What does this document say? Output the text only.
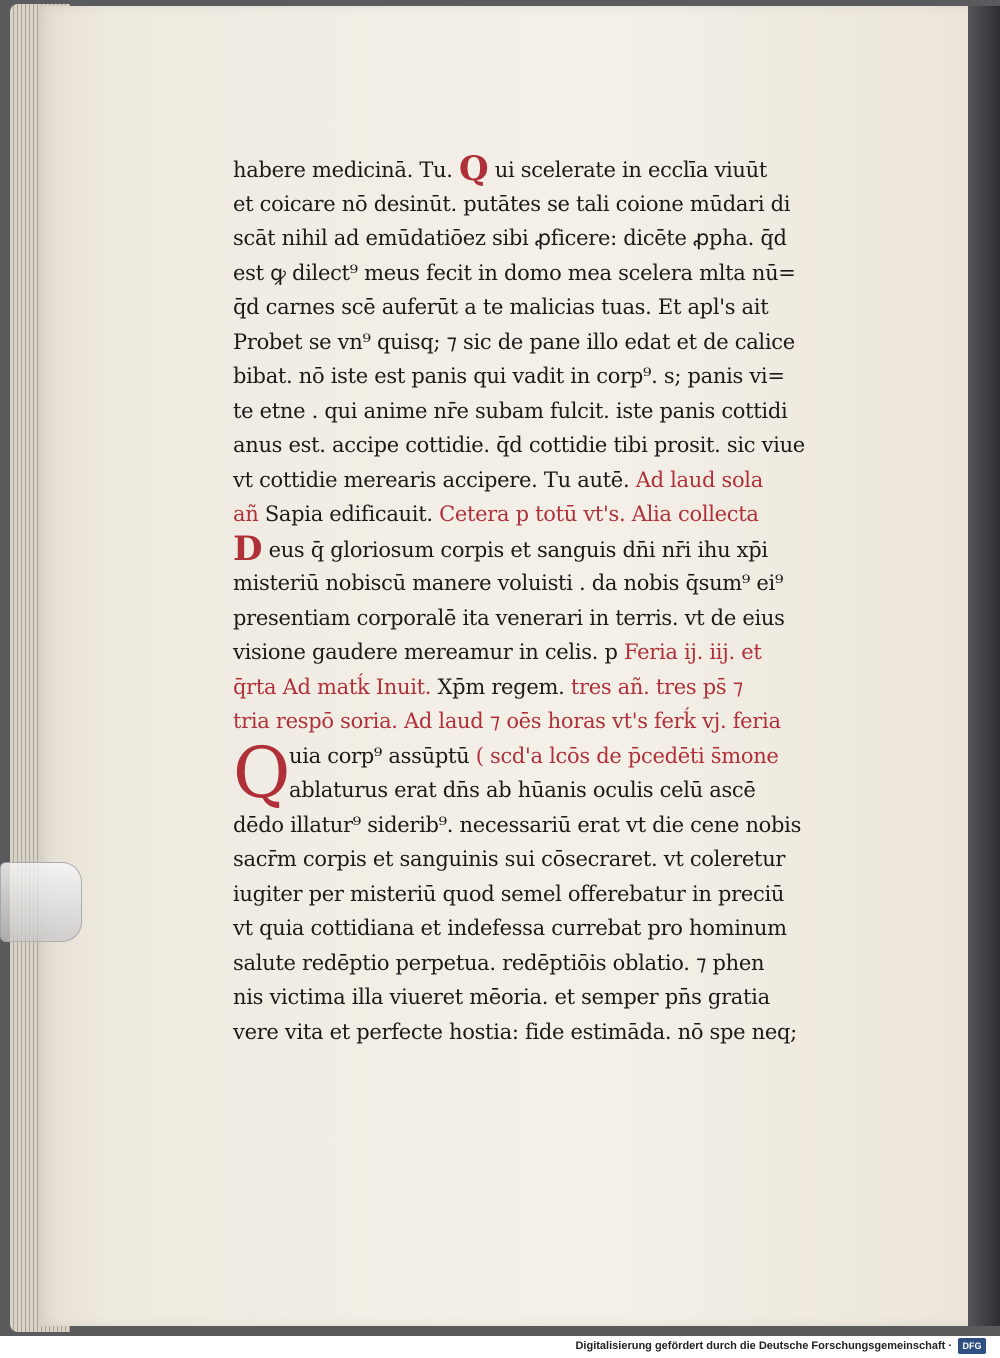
habere medicinā. Tu. Q ui scelerate in ecclīa viuūt
et coicare nō desinūt. putātes se tali coione mūdari di
scāt nihil ad emūdatiōez sibi ꝓficere: dicēte ꝓpha. q̄d
est ꝙ dilect⁹ meus fecit in domo mea scelera mlta nū=
q̄d carnes scē auferūt a te malicias tuas. Et apl's ait
Probet se vn⁹ quisq; ⁊ sic de pane illo edat et de calice
bibat. nō iste est panis qui vadit in corp⁹. s; panis vi=
te etne . qui anime nr̄e subam fulcit. iste panis cottidi
anus est. accipe cottidie. q̄d cottidie tibi prosit. sic viue
vt cottidie merearis accipere. Tu autē. Ad laud sola
añ Sapia edificauit. Cetera p totū vt's. Alia collecta
D eus q̄ gloriosum corpis et sanguis dn̄i nr̄i ihu xp̄i
misteriū nobiscū manere voluisti . da nobis q̄sum⁹ ei⁹
presentiam corporalē ita venerari in terris. vt de eius
visione gaudere mereamur in celis. p Feria ij. iij. et
q̄rta Ad matḱ Inuit. Xp̄m regem. tres añ. tres ps̄ ⁊
tria respō soria. Ad laud ⁊ oēs horas vt's ferḱ vj. feria
Q
uia corp⁹ assūptū ( scd'a lcōs de p̄cedēti s̄mone
ablaturus erat dn̄s ab hūanis oculis celū ascē
dēdo illatur⁹ siderib⁹. necessariū erat vt die cene nobis
sacr̄m corpis et sanguinis sui cōsecraret. vt coleretur
iugiter per misteriū quod semel offerebatur in preciū
vt quia cottidiana et indefessa currebat pro hominum
salute redēptio perpetua. redēptiōis oblatio. ⁊ phen
nis victima illa viueret mēoria. et semper pn̄s gratia
vere vita et perfecte hostia: fide estimāda. nō spe neq;
Digitalisierung gefördert durch die Deutsche Forschungsgemeinschaft ·	DFG
